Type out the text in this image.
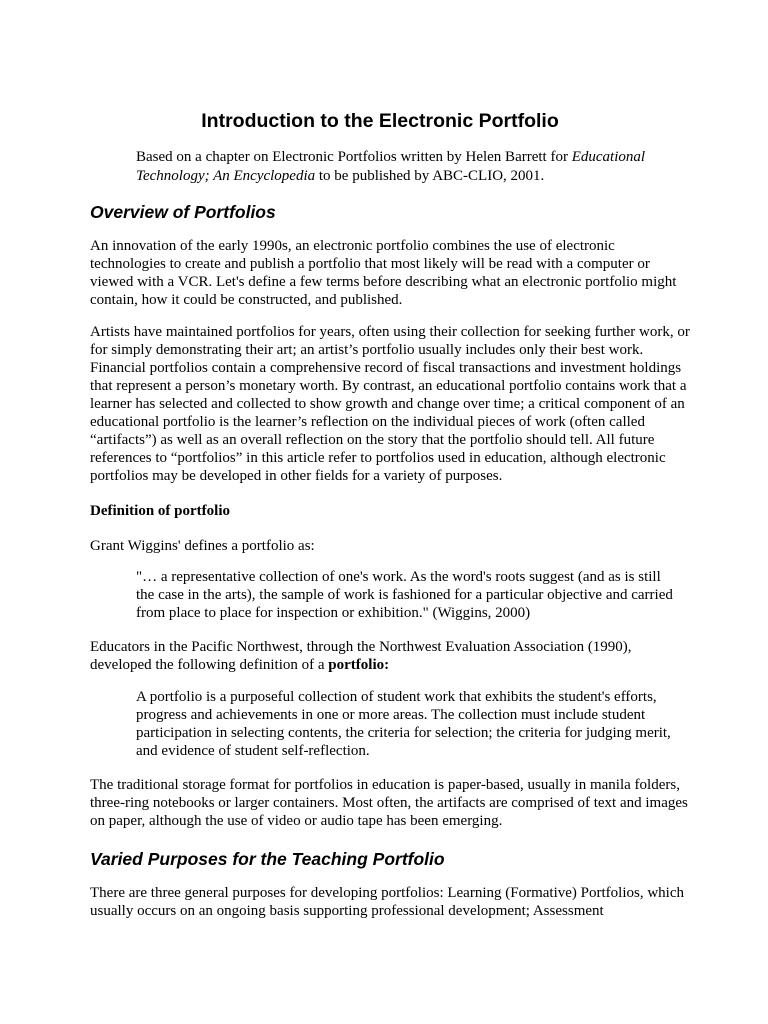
Introduction to the Electronic Portfolio
Based on a chapter on Electronic Portfolios written by Helen Barrett for Educational Technology; An Encyclopedia to be published by ABC-CLIO, 2001.
Overview of Portfolios

An innovation of the early 1990s, an electronic portfolio combines the use of electronic technologies to create and publish a portfolio that most likely will be read with a computer or viewed with a VCR. Let's define a few terms before describing what an electronic portfolio might contain, how it could be constructed, and published.

Artists have maintained portfolios for years, often using their collection for seeking further work, or for simply demonstrating their art; an artist’s portfolio usually includes only their best work. Financial portfolios contain a comprehensive record of fiscal transactions and investment holdings that represent a person’s monetary worth. By contrast, an educational portfolio contains work that a learner has selected and collected to show growth and change over time; a critical component of an educational portfolio is the learner’s reflection on the individual pieces of work (often called “artifacts”) as well as an overall reflection on the story that the portfolio should tell. All future references to “portfolios” in this article refer to portfolios used in education, although electronic portfolios may be developed in other fields for a variety of purposes.

Definition of portfolio

Grant Wiggins' defines a portfolio as:

"… a representative collection of one's work. As the word's roots suggest (and as is still the case in the arts), the sample of work is fashioned for a particular objective and carried from place to place for inspection or exhibition." (Wiggins, 2000)

Educators in the Pacific Northwest, through the Northwest Evaluation Association (1990), developed the following definition of a portfolio:

A portfolio is a purposeful collection of student work that exhibits the student's efforts, progress and achievements in one or more areas. The collection must include student participation in selecting contents, the criteria for selection; the criteria for judging merit, and evidence of student self-reflection.

The traditional storage format for portfolios in education is paper-based, usually in manila folders, three-ring notebooks or larger containers. Most often, the artifacts are comprised of text and images on paper, although the use of video or audio tape has been emerging.

Varied Purposes for the Teaching Portfolio

There are three general purposes for developing portfolios: Learning (Formative) Portfolios, which usually occurs on an ongoing basis supporting professional development; Assessment
